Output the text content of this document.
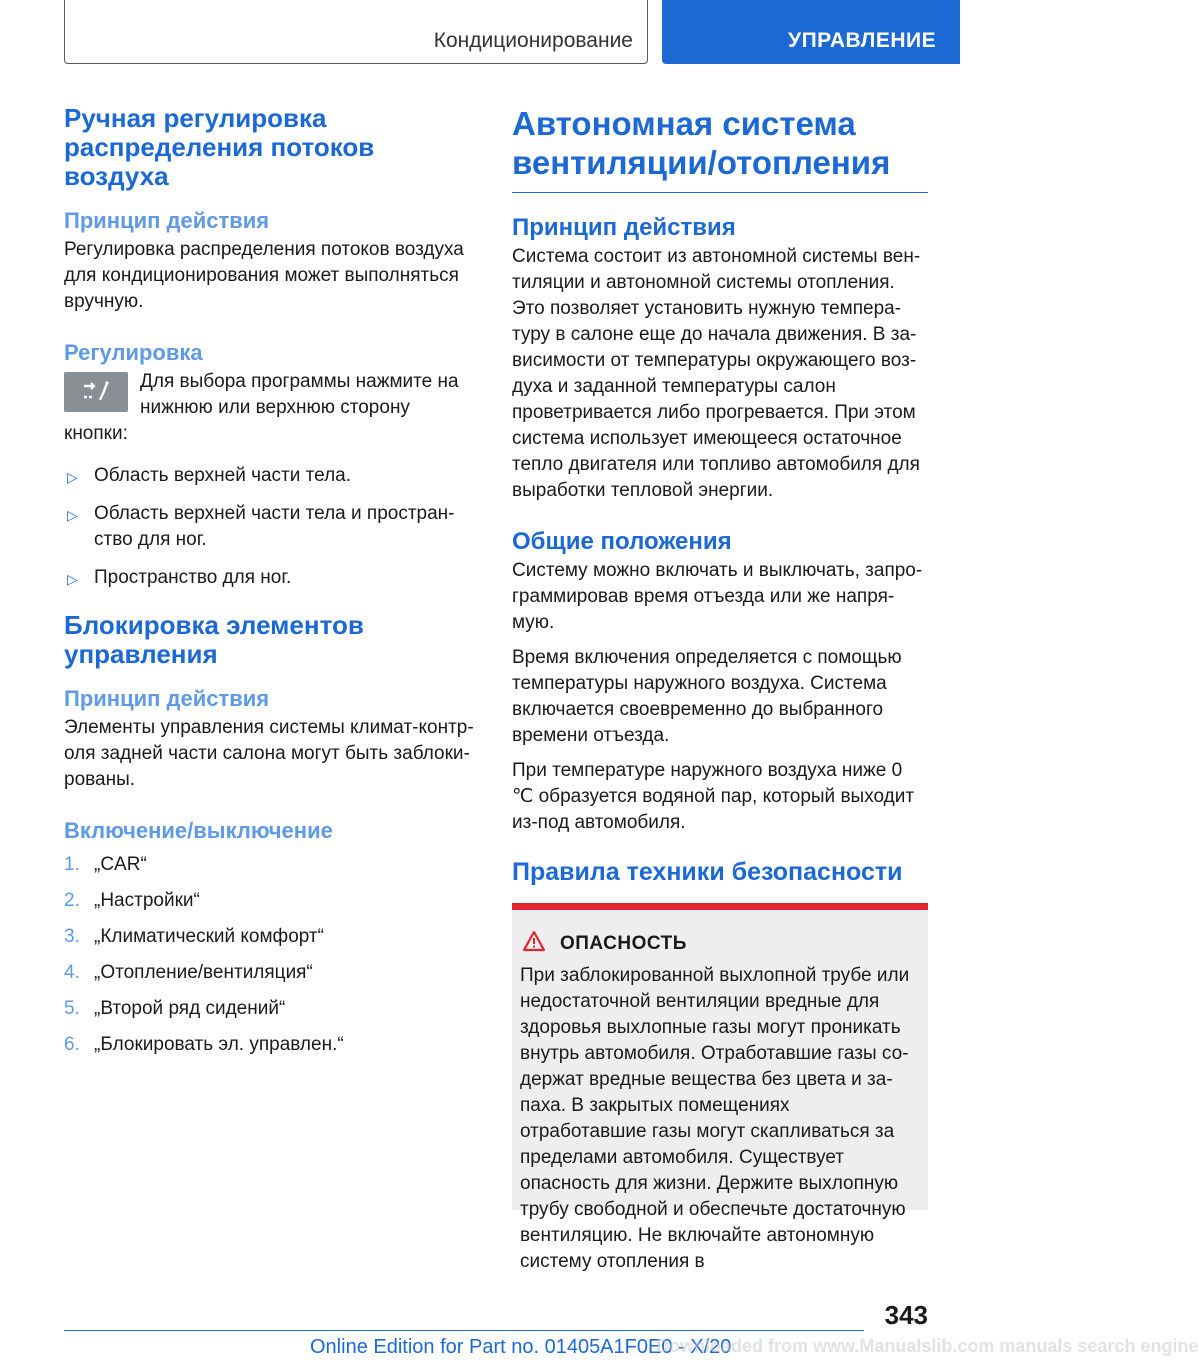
Кондиционирование	УПРАВЛЕНИЕ
Ручная регулировка распределения потоков воздуха
Принцип действия
Регулировка распределения потоков воздуха для кондиционирования может выполняться вручную.
Регулировка
Для выбора программы нажмите на нижнюю или верхнюю сторону кнопки:
▷ Область верхней части тела.
▷ Область верхней части тела и пространство для ног.
▷ Пространство для ног.
Блокировка элементов управления
Принцип действия
Элементы управления системы климат-контроля задней части салона могут быть заблокированы.
Включение/выключение
1. „CAR“
2. „Настройки“
3. „Климатический комфорт“
4. „Отопление/вентиляция“
5. „Второй ряд сидений“
6. „Блокировать эл. управлен.“
Автономная система вентиляции/отопления
Принцип действия
Система состоит из автономной системы вентиляции и автономной системы отопления. Это позволяет установить нужную температуру в салоне еще до начала движения. В зависимости от температуры окружающего воздуха и заданной температуры салон проветривается либо прогревается. При этом система использует имеющееся остаточное тепло двигателя или топливо автомобиля для выработки тепловой энергии.
Общие положения
Систему можно включать и выключать, запрограммировав время отъезда или же напрямую.
Время включения определяется с помощью температуры наружного воздуха. Система включается своевременно до выбранного времени отъезда.
При температуре наружного воздуха ниже 0 ℃ образуется водяной пар, который выходит из-под автомобиля.
Правила техники безопасности
ОПАСНОСТЬ
При заблокированной выхлопной трубе или недостаточной вентиляции вредные для здоровья выхлопные газы могут проникать внутрь автомобиля. Отработавшие газы содержат вредные вещества без цвета и запаха. В закрытых помещениях отработавшие газы могут скапливаться за пределами автомобиля. Существует опасность для жизни. Держите выхлопную трубу свободной и обеспечьте достаточную вентиляцию. Не включайте автономную систему отопления в
343
Online Edition for Part no. 01405A1F0E0 - X/20
Downloaded from www.Manualslib.com manuals search engine
